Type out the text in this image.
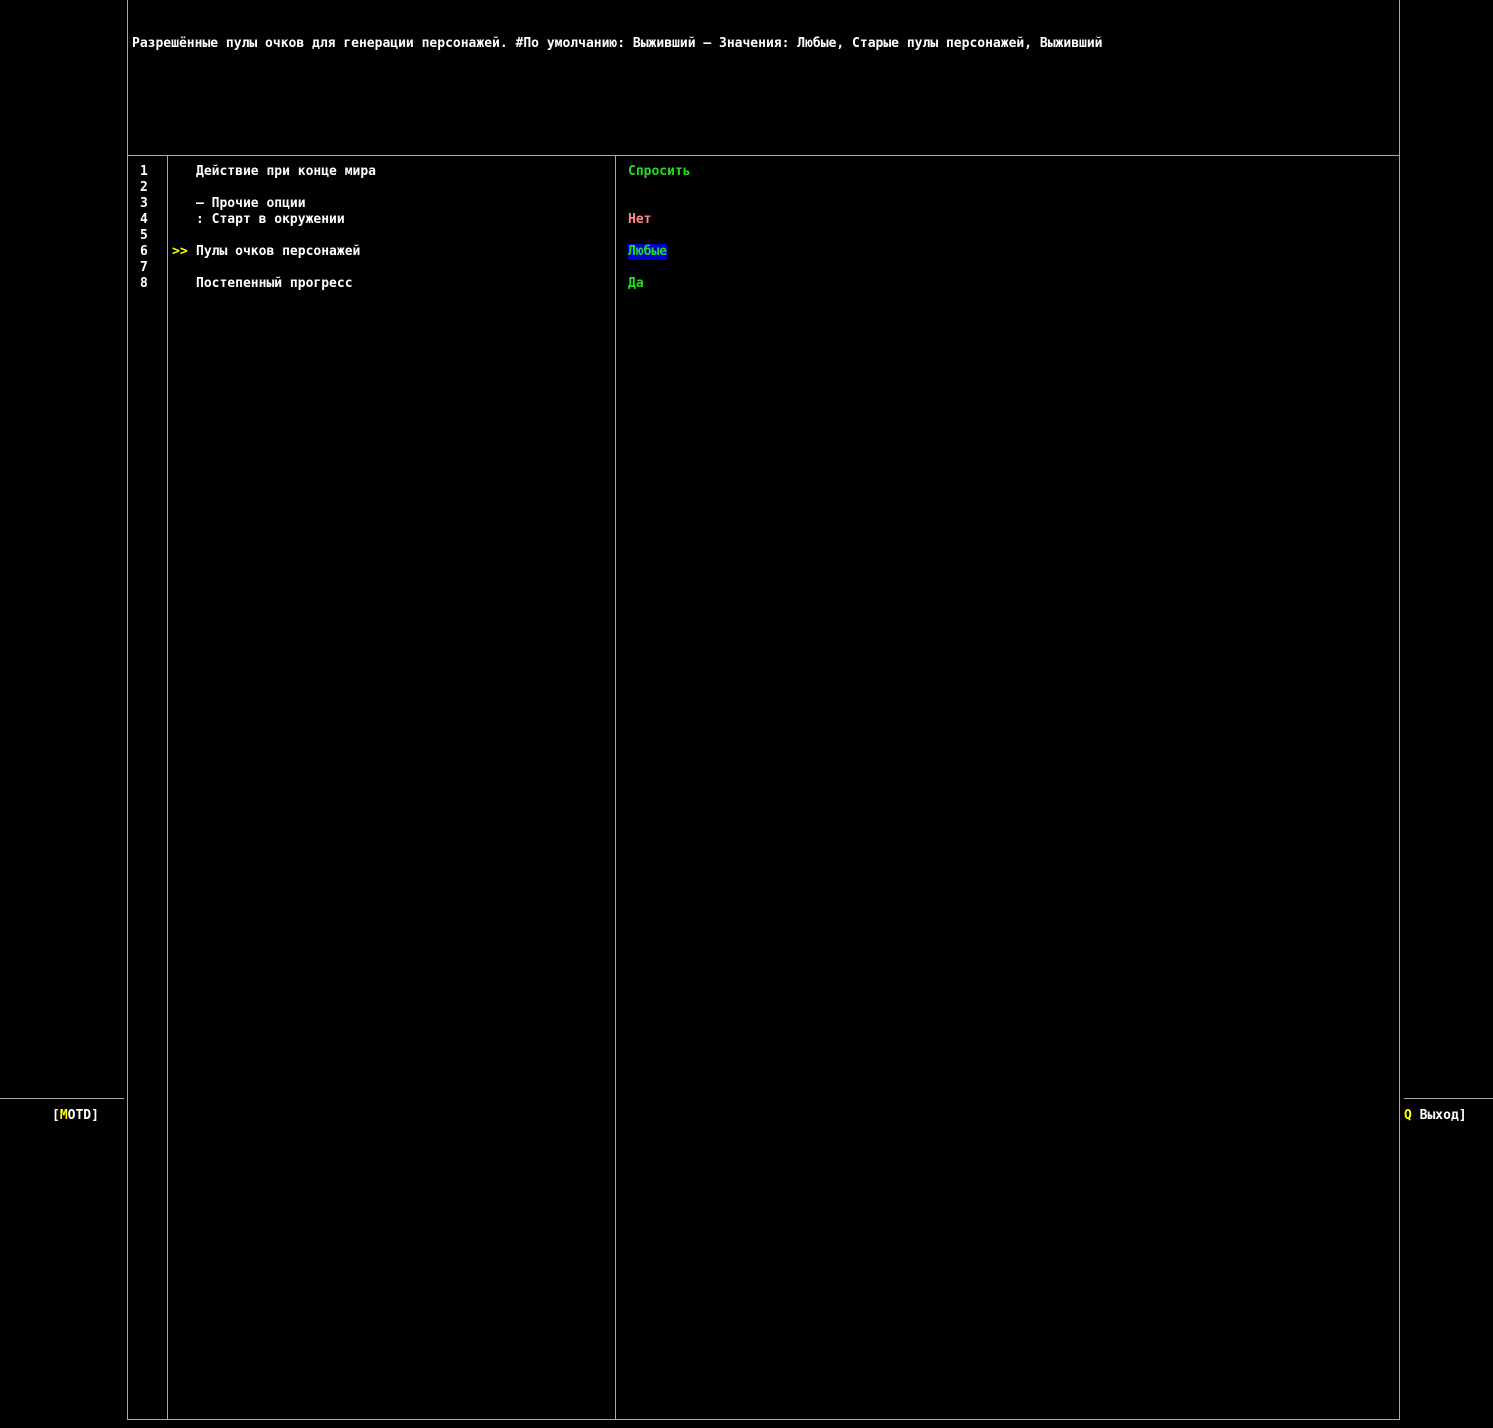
Разрешённые пулы очков для генерации персонажей. #По умолчанию: Выживший — Значения: Любые, Старые пулы персонажей, Выживший
1	Действие при конце мира	Спросить
2
3	— Прочие опции
4	: Старт в окружении	Нет
5
6 >> Пулы очков персонажей	Любые
7
8	Постепенный прогресс	Да
[MOTD]	Q Выход]
